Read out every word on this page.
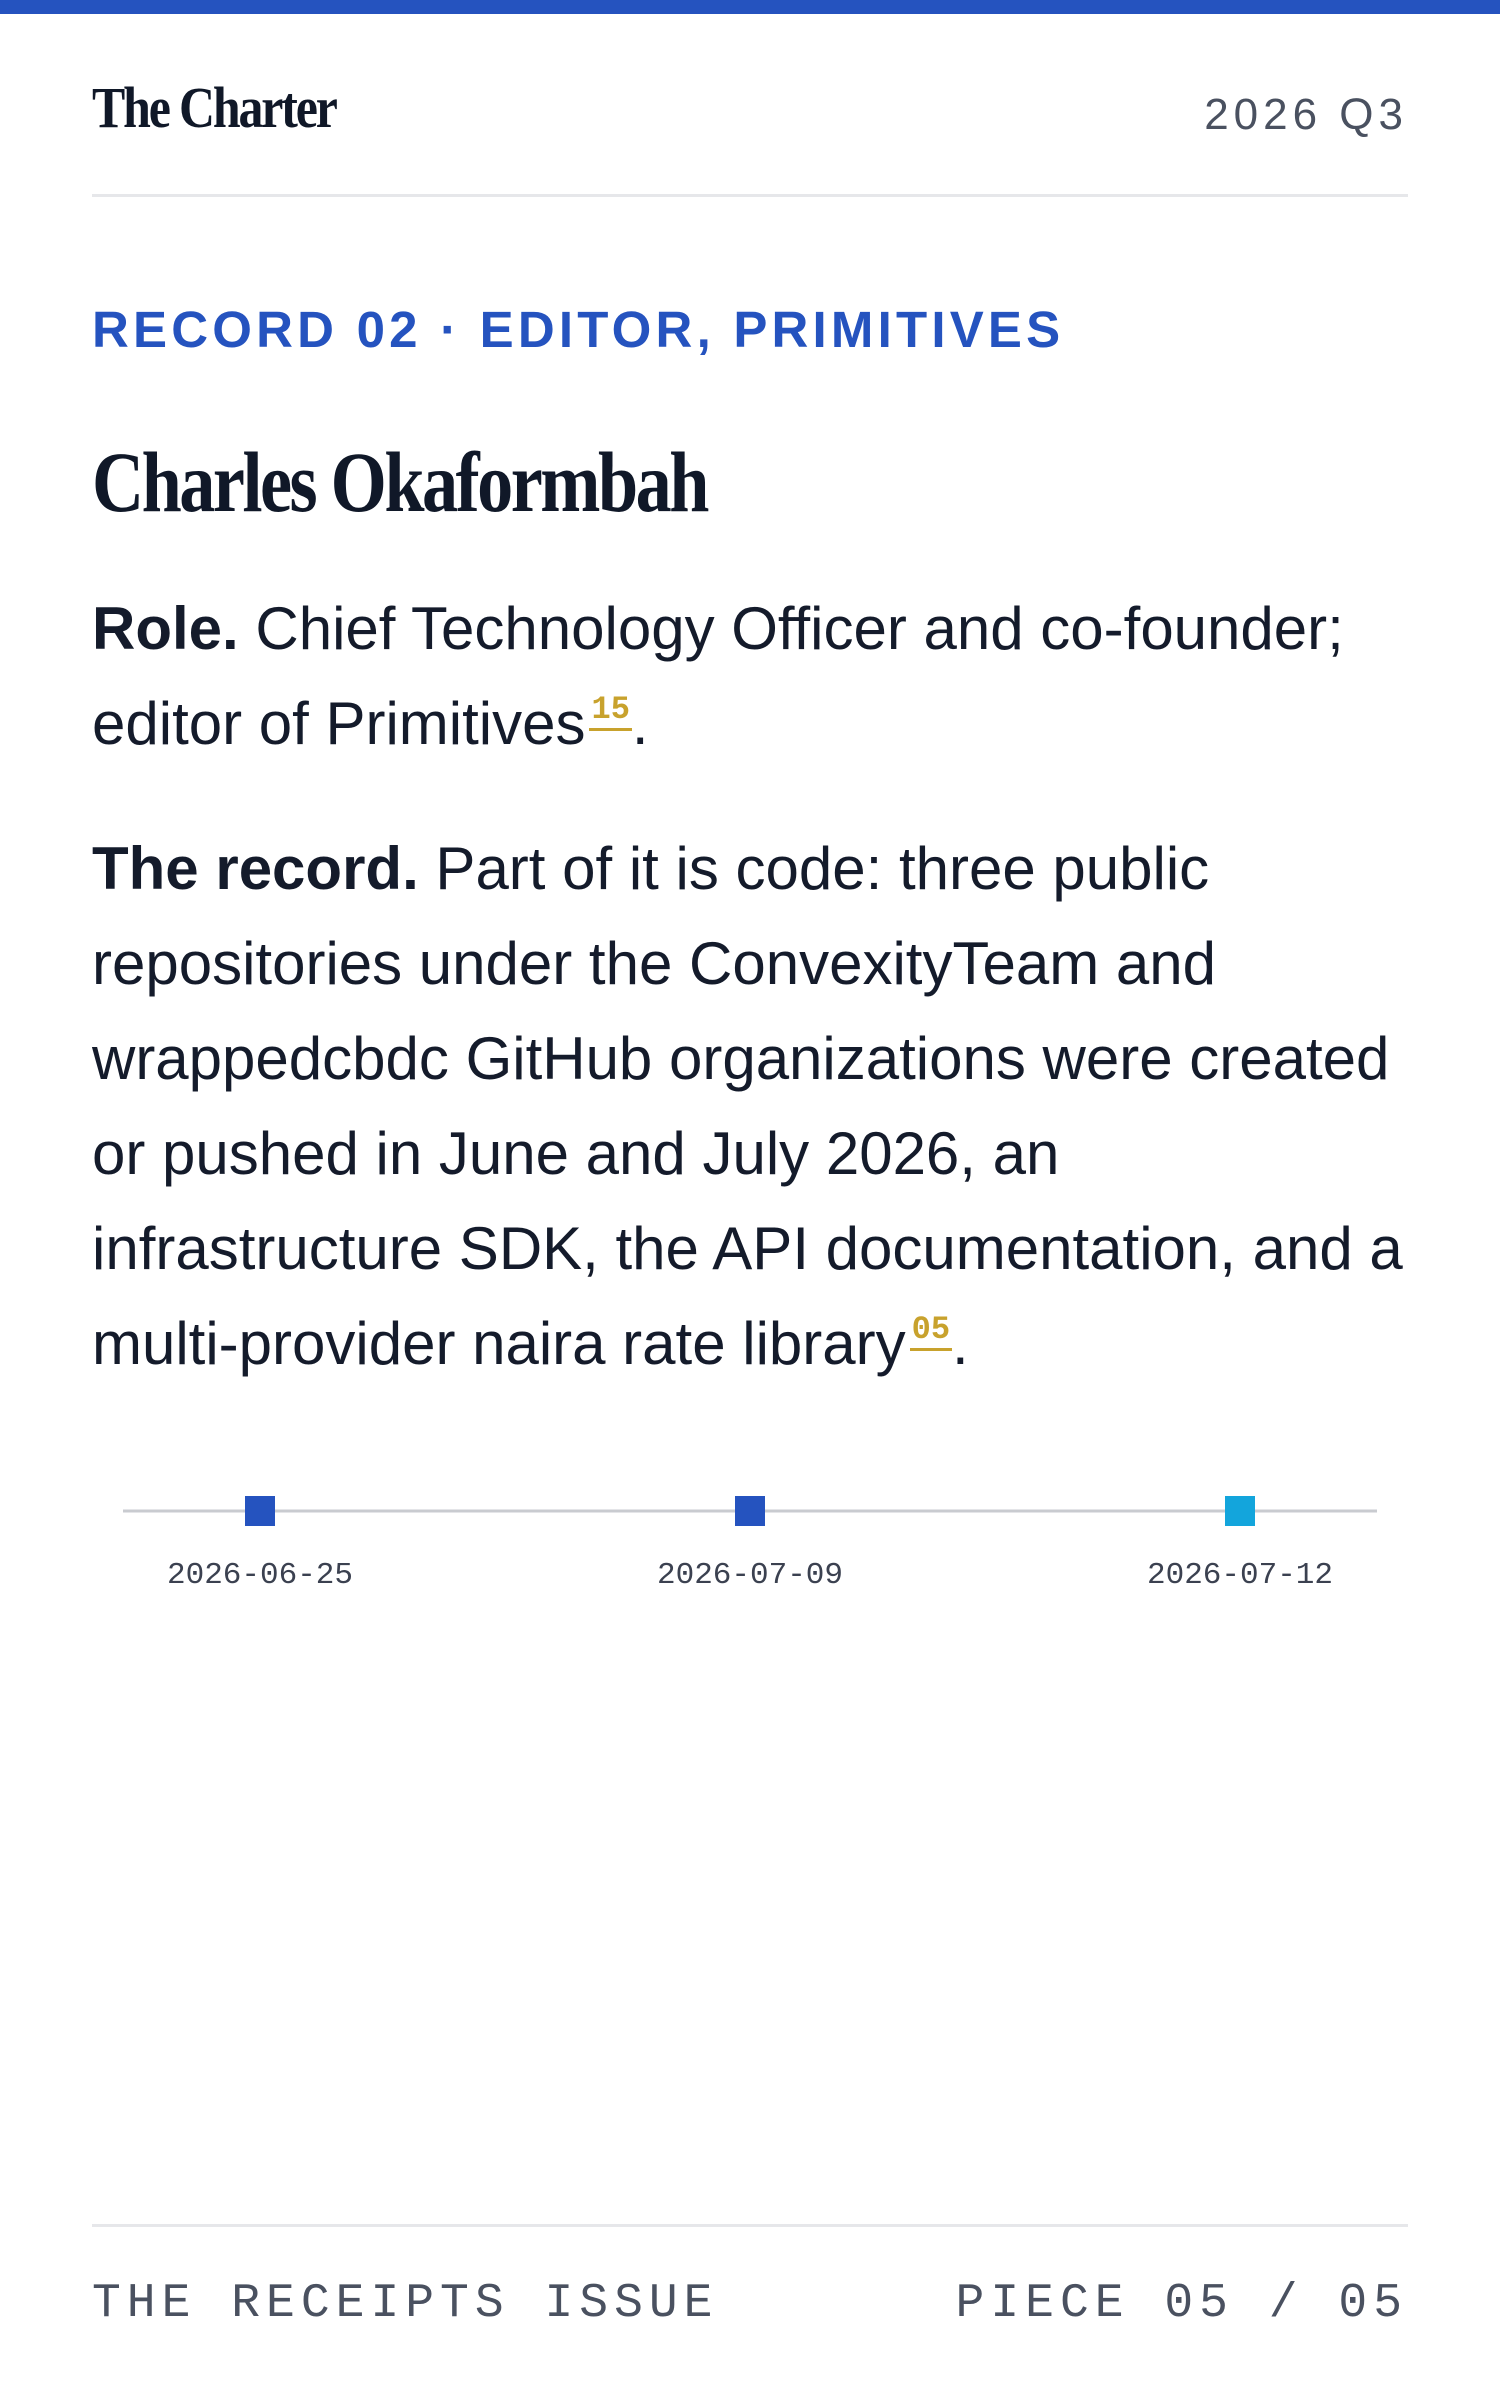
The Charter	2026 Q3
RECORD 02 · EDITOR, PRIMITIVES
Charles Okaformbah

Role. Chief Technology Officer and co-founder; editor of Primitives $^{15}$.

The record. Part of it is code: three public repositories under the ConvexityTeam and wrappedcbdc GitHub organizations were created or pushed in June and July 2026, an infrastructure SDK, the API documentation, and a multi-provider naira rate library $^{05}$.

2026-06-25	2026-07-09	2026-07-12
THE RECEIPTS ISSUE	PIECE 05 / 05
